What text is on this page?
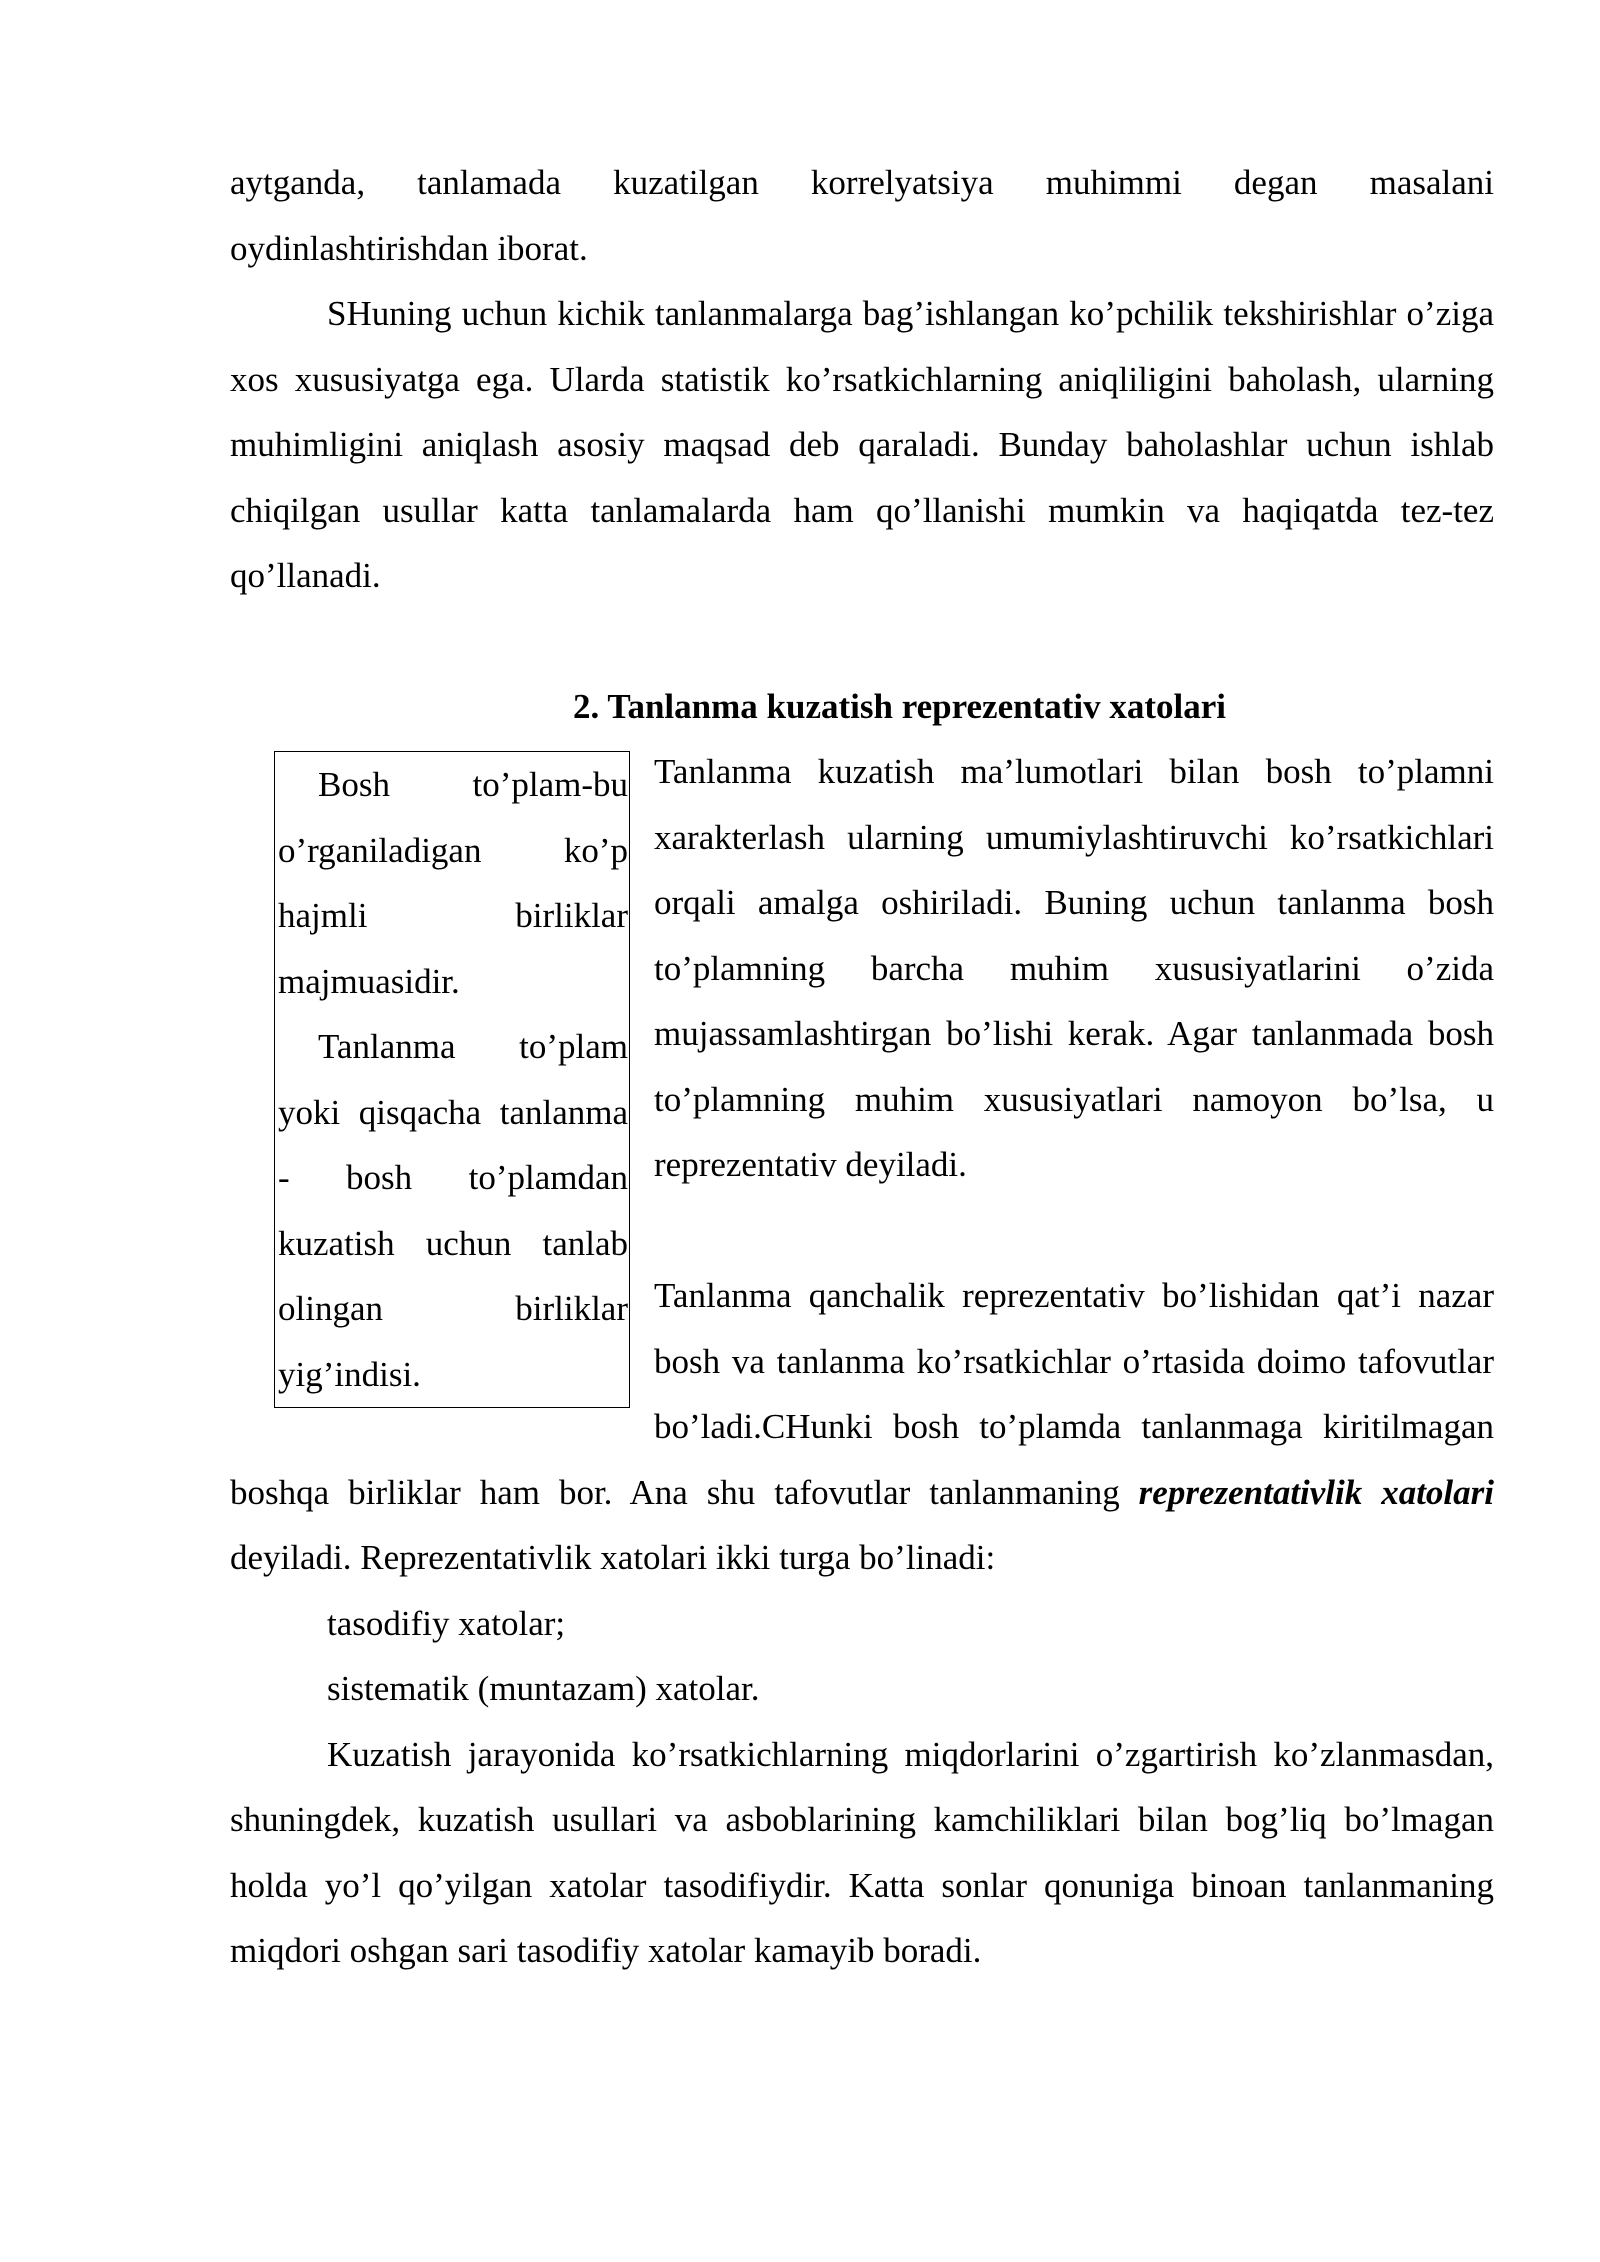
aytganda, tanlamada kuzatilgan korrelyatsiya muhimmi degan masalani oydinlashtirishdan iborat.

SHuning uchun kichik tanlanmalarga bag’ishlangan ko’pchilik tekshirishlar o’ziga xos xususiyatga ega. Ularda statistik ko’rsatkichlarning aniqliligini baholash, ularning muhimligini aniqlash asosiy maqsad deb qaraladi. Bunday baholashlar uchun ishlab chiqilgan usullar katta tanlamalarda ham qo’llanishi mumkin va haqiqatda tez-tez qo’llanadi.

2. Tanlanma kuzatish reprezentativ xatolari

Bosh to’plam-bu o’rganiladigan ko’p hajmli birliklar majmuasidir.

Tanlanma to’plam yoki qisqacha tanlanma - bosh to’plamdan kuzatish uchun tanlab olingan birliklar yig’indisi.

Tanlanma kuzatish ma’lumotlari bilan bosh to’plamni xarakterlash ularning umumiylashtiruvchi ko’rsatkichlari orqali amalga oshiriladi. Buning uchun tanlanma bosh to’plamning barcha muhim xususiyatlarini o’zida mujassamlashtirgan bo’lishi kerak. Agar tanlanmada bosh to’plamning muhim xususiyatlari namoyon bo’lsa, u reprezentativ deyiladi.

Tanlanma qanchalik reprezentativ bo’lishidan qat’i nazar bosh va tanlanma ko’rsatkichlar o’rtasida doimo tafovutlar bo’ladi.CHunki bosh to’plamda tanlanmaga kiritilmagan boshqa birliklar ham bor. Ana shu tafovutlar tanlanmaning reprezentativlik xatolari deyiladi. Reprezentativlik xatolari ikki turga bo’linadi:

tasodifiy xatolar;

sistematik (muntazam) xatolar.

Kuzatish jarayonida ko’rsatkichlarning miqdorlarini o’zgartirish ko’zlanmasdan, shuningdek, kuzatish usullari va asboblarining kamchiliklari bilan bog’liq bo’lmagan holda yo’l qo’yilgan xatolar tasodifiydir. Katta sonlar qonuniga binoan tanlanmaning miqdori oshgan sari tasodifiy xatolar kamayib boradi.
